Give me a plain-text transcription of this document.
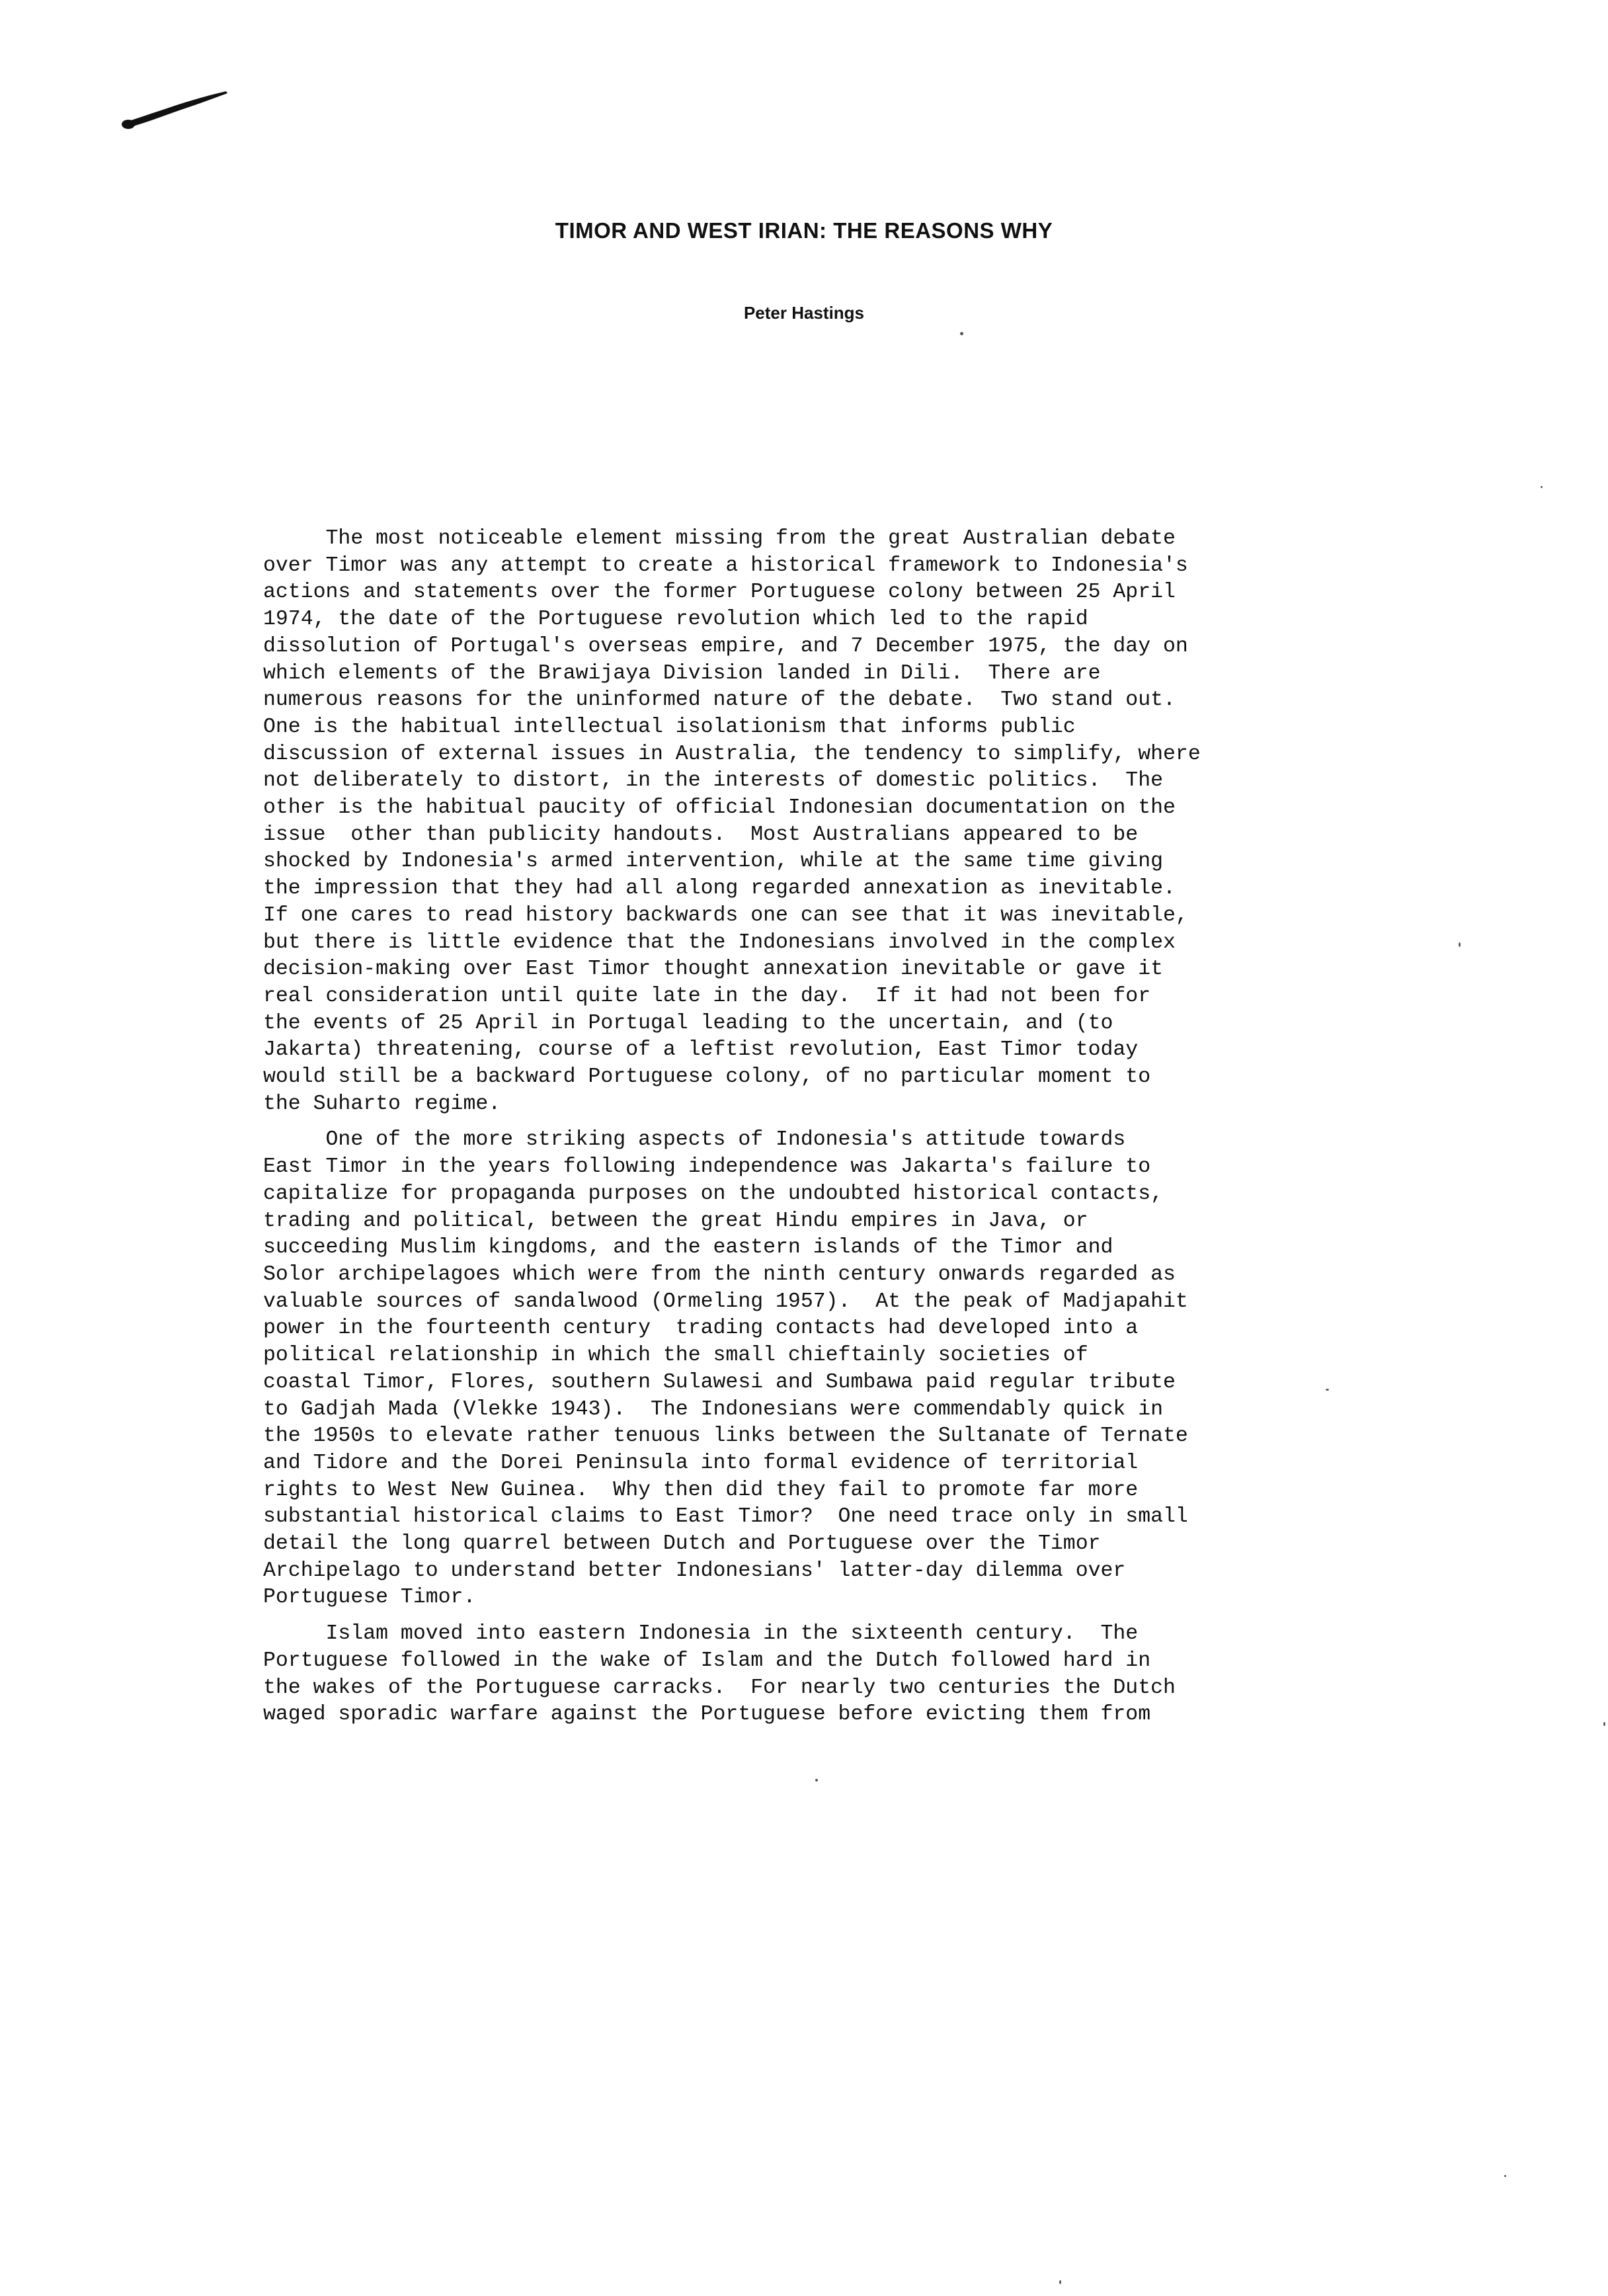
TIMOR AND WEST IRIAN: THE REASONS WHY

Peter Hastings

The most noticeable element missing from the great Australian debate
over Timor was any attempt to create a historical framework to Indonesia's
actions and statements over the former Portuguese colony between 25 April
1974, the date of the Portuguese revolution which led to the rapid
dissolution of Portugal's overseas empire, and 7 December 1975, the day on
which elements of the Brawijaya Division landed in Dili.  There are
numerous reasons for the uninformed nature of the debate.  Two stand out.
One is the habitual intellectual isolationism that informs public
discussion of external issues in Australia, the tendency to simplify, where
not deliberately to distort, in the interests of domestic politics.  The
other is the habitual paucity of official Indonesian documentation on the
issue  other than publicity handouts.  Most Australians appeared to be
shocked by Indonesia's armed intervention, while at the same time giving
the impression that they had all along regarded annexation as inevitable.
If one cares to read history backwards one can see that it was inevitable,
but there is little evidence that the Indonesians involved in the complex
decision-making over East Timor thought annexation inevitable or gave it
real consideration until quite late in the day.  If it had not been for
the events of 25 April in Portugal leading to the uncertain, and (to
Jakarta) threatening, course of a leftist revolution, East Timor today
would still be a backward Portuguese colony, of no particular moment to
the Suharto regime.
One of the more striking aspects of Indonesia's attitude towards
East Timor in the years following independence was Jakarta's failure to
capitalize for propaganda purposes on the undoubted historical contacts,
trading and political, between the great Hindu empires in Java, or
succeeding Muslim kingdoms, and the eastern islands of the Timor and
Solor archipelagoes which were from the ninth century onwards regarded as
valuable sources of sandalwood (Ormeling 1957).  At the peak of Madjapahit
power in the fourteenth century  trading contacts had developed into a
political relationship in which the small chieftainly societies of
coastal Timor, Flores, southern Sulawesi and Sumbawa paid regular tribute
to Gadjah Mada (Vlekke 1943).  The Indonesians were commendably quick in
the 1950s to elevate rather tenuous links between the Sultanate of Ternate
and Tidore and the Dorei Peninsula into formal evidence of territorial
rights to West New Guinea.  Why then did they fail to promote far more
substantial historical claims to East Timor?  One need trace only in small
detail the long quarrel between Dutch and Portuguese over the Timor
Archipelago to understand better Indonesians' latter-day dilemma over
Portuguese Timor.
Islam moved into eastern Indonesia in the sixteenth century.  The
Portuguese followed in the wake of Islam and the Dutch followed hard in
the wakes of the Portuguese carracks.  For nearly two centuries the Dutch
waged sporadic warfare against the Portuguese before evicting them from
